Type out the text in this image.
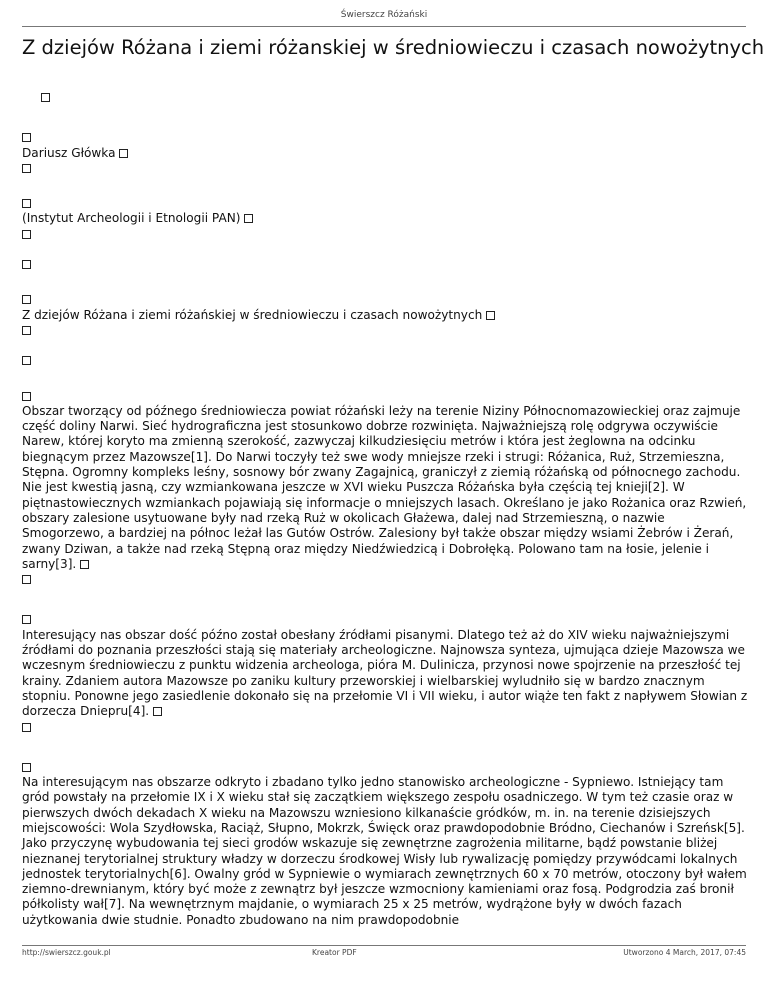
Świerszcz Różański
Z dziejów Różana i ziemi różanskiej w średniowieczu i czasach nowożytnych
Dariusz Główka
(Instytut Archeologii i Etnologii PAN)
Z dziejów Różana i ziemi różańskiej w średniowieczu i czasach nowożytnych

Obszar tworzący od późnego średniowiecza powiat różański leży na terenie Niziny Północnomazowieckiej oraz zajmuje część doliny Narwi. Sieć hydrograficzna jest stosunkowo dobrze rozwinięta. Najważniejszą rolę odgrywa oczywiście Narew, której koryto ma zmienną szerokość, zazwyczaj kilkudziesięciu metrów i która jest żeglowna na odcinku biegnącym przez Mazowsze[1]. Do Narwi toczyły też swe wody mniejsze rzeki i strugi: Różanica, Ruż, Strzemieszna, Stępna. Ogromny kompleks leśny, sosnowy bór zwany Zagajnicą, graniczył z ziemią różańską od północnego zachodu. Nie jest kwestią jasną, czy wzmiankowana jeszcze w XVI wieku Puszcza Różańska była częścią tej knieji[2]. W piętnastowiecznych wzmiankach pojawiają się informacje o mniejszych lasach. Określano je jako Rożanica oraz Rzwień, obszary zalesione usytuowane były nad rzeką Ruż w okolicach Głażewa, dalej nad Strzemieszną, o nazwie Smogorzewo, a bardziej na północ leżał las Gutów Ostrów. Zalesiony był także obszar między wsiami Żebrów i Żerań, zwany Dziwan, a także nad rzeką Stępną oraz między Niedźwiedzicą i Dobrołęką. Polowano tam na łosie, jelenie i sarny[3].

Interesujący nas obszar dość późno został obesłany źródłami pisanymi. Dlatego też aż do XIV wieku najważniejszymi źródłami do poznania przeszłości stają się materiały archeologiczne. Najnowsza synteza, ujmująca dzieje Mazowsza we wczesnym średniowieczu z punktu widzenia archeologa, pióra M. Dulinicza, przynosi nowe spojrzenie na przeszłość tej krainy. Zdaniem autora Mazowsze po zaniku kultury przeworskiej i wielbarskiej wyludniło się w bardzo znacznym stopniu. Ponowne jego zasiedlenie dokonało się na przełomie VI i VII wieku, i autor wiąże ten fakt z napływem Słowian z dorzecza Dniepru[4].

Na interesującym nas obszarze odkryto i zbadano tylko jedno stanowisko archeologiczne - Sypniewo. Istniejący tam gród powstały na przełomie IX i X wieku stał się zaczątkiem większego zespołu osadniczego. W tym też czasie oraz w pierwszych dwóch dekadach X wieku na Mazowszu wzniesiono kilkanaście gródków, m. in. na terenie dzisiejszych miejscowości: Wola Szydłowska, Raciąż, Słupno, Mokrzk, Święck oraz prawdopodobnie Bródno, Ciechanów i Szreńsk[5]. Jako przyczynę wybudowania tej sieci grodów wskazuje się zewnętrzne zagrożenia militarne, bądź powstanie bliżej nieznanej terytorialnej struktury władzy w dorzeczu środkowej Wisły lub rywalizację pomiędzy przywódcami lokalnych jednostek terytorialnych[6]. Owalny gród w Sypniewie o wymiarach zewnętrznych 60 x 70 metrów, otoczony był wałem ziemno-drewnianym, który być może z zewnątrz był jeszcze wzmocniony kamieniami oraz fosą. Podgrodzia zaś bronił półkolisty wał[7]. Na wewnętrznym majdanie, o wymiarach 25 x 25 metrów, wydrążone były w dwóch fazach użytkowania dwie studnie. Ponadto zbudowano na nim prawdopodobnie

http://swierszcz.gouk.pl	Kreator PDF	Utworzono 4 March, 2017, 07:45
